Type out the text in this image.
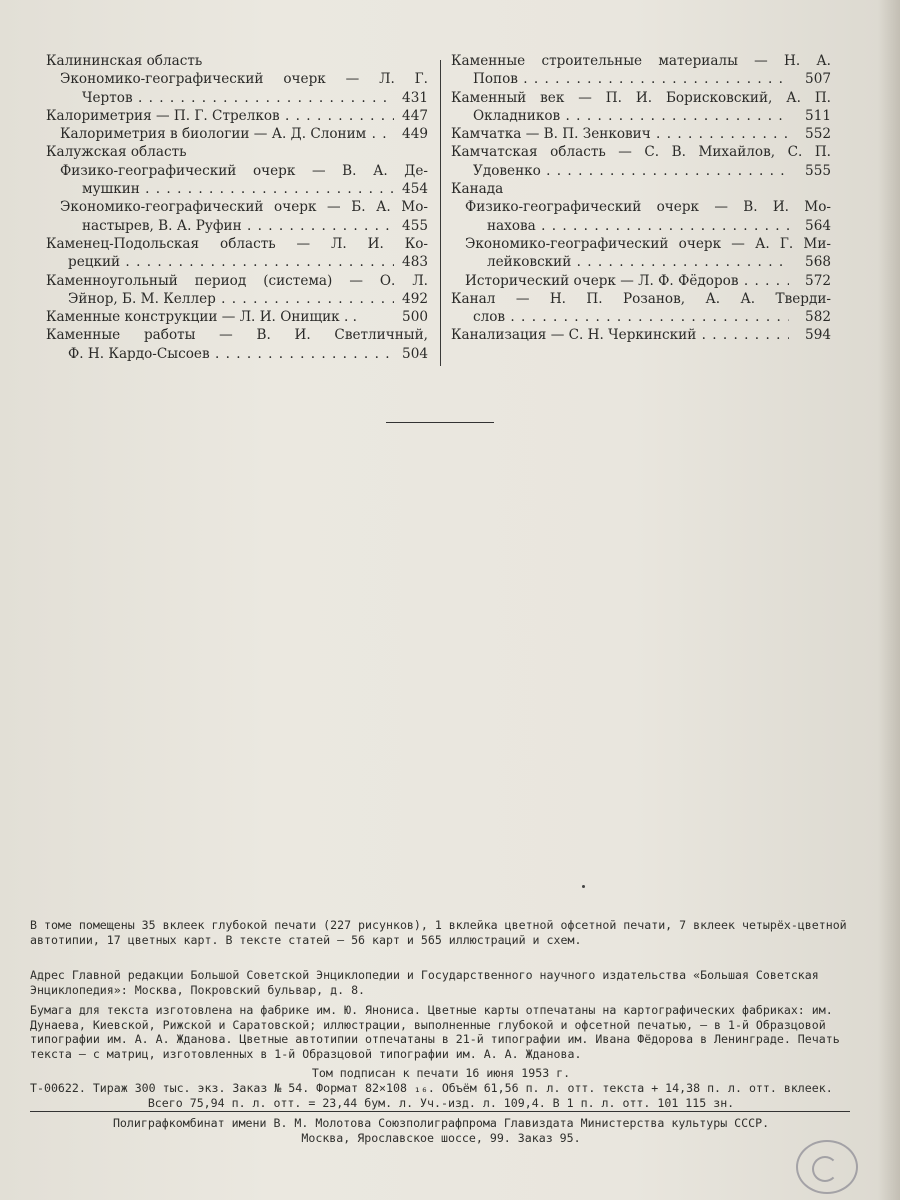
Калининская область
Экономико-географический очерк — Л. Г.
Чертов . . .	431
Калориметрия — П. Г. Стрелков . . .	447
Калориметрия в биологии — А. Д. Слоним . . .	449
Калужская область
Физико-географический очерк — В. А. Де-
мушкин . . .	454
Экономико-географический очерк — Б. А. Мо-
настырев, В. А. Руфин . . .	455
Каменец-Подольская область — Л. И. Ко-
рецкий . . .	483
Каменноугольный период (система) — О. Л.
Эйнор, Б. М. Келлер . . .	492
Каменные конструкции — Л. И. Онищик . .	500
Каменные работы — В. И. Светличный,
Ф. Н. Кардо-Сысоев . . .	504
Каменные строительные материалы — Н. А.
Попов . . .	507
Каменный век — П. И. Борисковский, А. П.
Окладников . . .	511
Камчатка — В. П. Зенкович . . .	552
Камчатская область — С. В. Михайлов, С. П.
Удовенко . . .	555
Канада
Физико-географический очерк — В. И. Мо-
нахова . . .	564
Экономико-географический очерк — А. Г. Ми-
лейковский . . .	568
Исторический очерк — Л. Ф. Фёдоров . . .	572
Канал — Н. П. Розанов, А. А. Тверди-
слов . . .	582
Канализация — С. Н. Черкинский . . .	594

В томе помещены 35 вклеек глубокой печати (227 рисунков), 1 вклейка цветной офсетной печати, 7 вклеек четырёх-цветной автотипии, 17 цветных карт. В тексте статей — 56 карт и 565 иллюстраций и схем.

Адрес Главной редакции Большой Советской Энциклопедии и Государственного научного издательства «Большая Советская Энциклопедия»: Москва, Покровский бульвар, д. 8.

Бумага для текста изготовлена на фабрике им. Ю. Янониса. Цветные карты отпечатаны на картографических фабриках: им. Дунаева, Киевской, Рижской и Саратовской; иллюстрации, выполненные глубокой и офсетной печатью, — в 1-й Образцовой типографии им. А. А. Жданова. Цветные автотипии отпечатаны в 21-й типографии им. Ивана Фёдорова в Ленинграде. Печать текста — с матриц, изготовленных в 1-й Образцовой типографии им. А. А. Жданова.

Том подписан к печати 16 июня 1953 г.

Т-00622. Тираж 300 тыс. экз. Заказ № 54. Формат 82×108 ₁₆. Объём 61,56 п. л. отт. текста + 14,38 п. л. отт. вклеек.

Всего 75,94 п. л. отт. = 23,44 бум. л. Уч.-изд. л. 109,4. В 1 п. л. отт. 101 115 зн.

Полиграфкомбинат имени В. М. Молотова Союзполиграфпрома Главиздата Министерства культуры СССР.

Москва, Ярославское шоссе, 99. Заказ 95.
